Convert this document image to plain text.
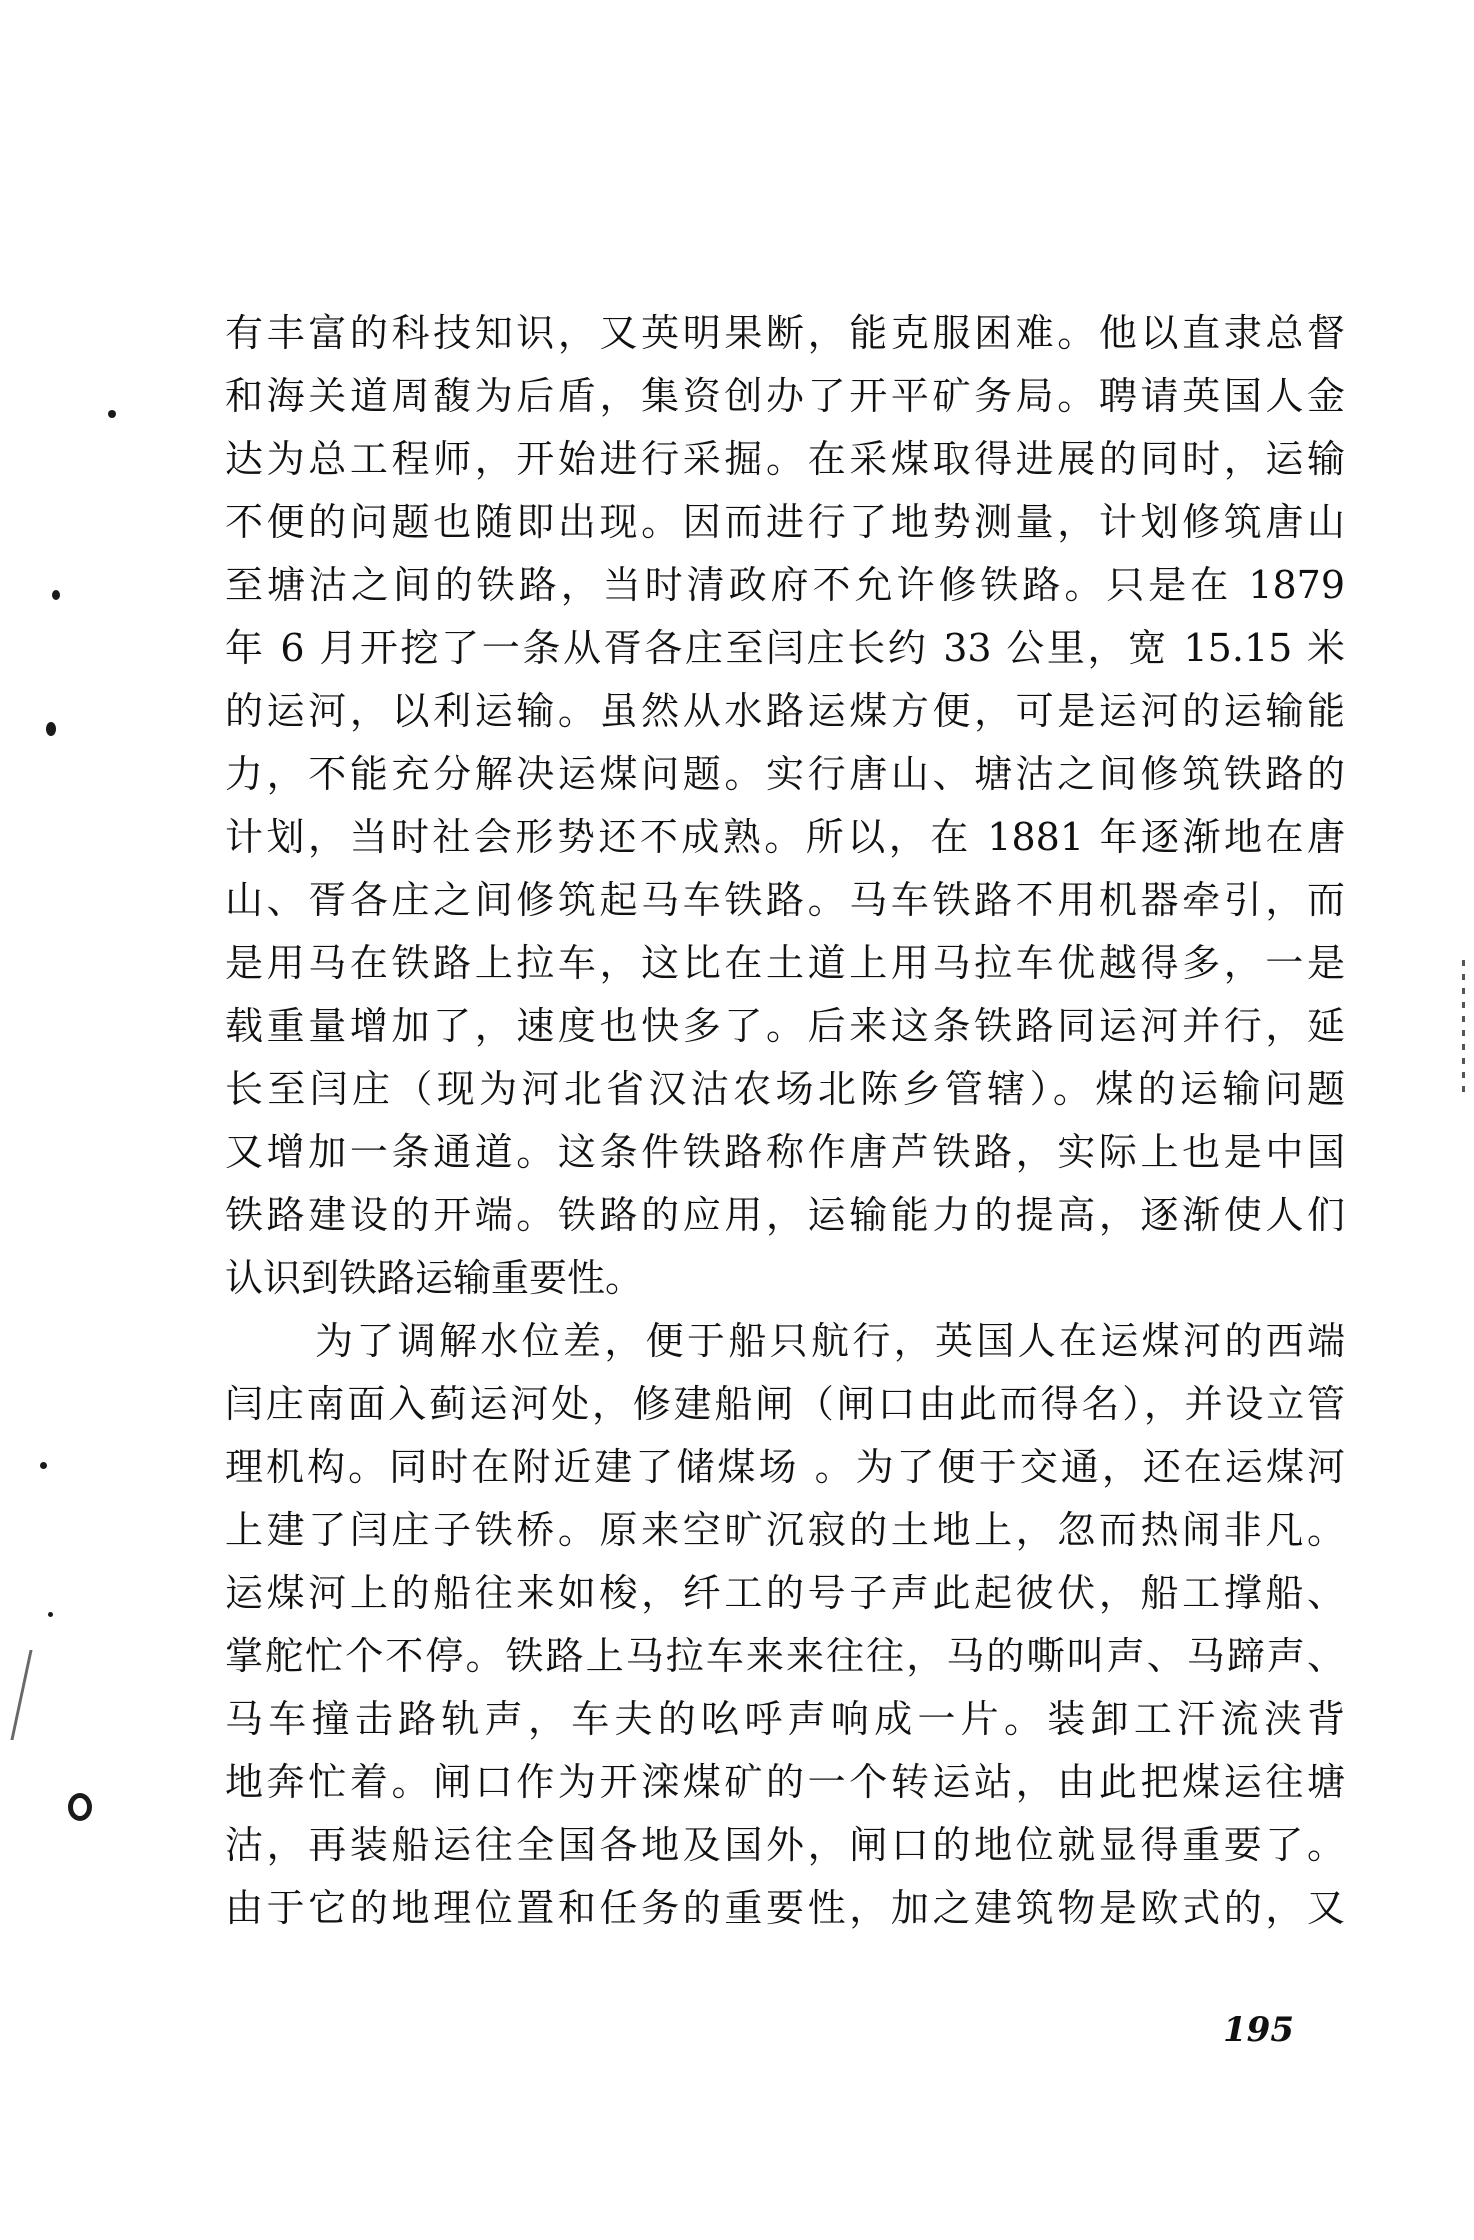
有丰富的科技知识，又英明果断，能克服困难。他以直隶总督
和海关道周馥为后盾，集资创办了开平矿务局。聘请英国人金
达为总工程师，开始进行采掘。在采煤取得进展的同时，运输
不便的问题也随即出现。因而进行了地势测量，计划修筑唐山
至塘沽之间的铁路，当时清政府不允许修铁路。只是在 1879
年 6 月开挖了一条从胥各庄至闫庄长约 33 公里，宽 15.15 米
的运河，以利运输。虽然从水路运煤方便，可是运河的运输能
力，不能充分解决运煤问题。实行唐山、塘沽之间修筑铁路的
计划，当时社会形势还不成熟。所以，在 1881 年逐渐地在唐
山、胥各庄之间修筑起马车铁路。马车铁路不用机器牵引，而
是用马在铁路上拉车，这比在土道上用马拉车优越得多，一是
载重量增加了，速度也快多了。后来这条铁路同运河并行，延
长至闫庄（现为河北省汉沽农场北陈乡管辖）。煤的运输问题
又增加一条通道。这条件铁路称作唐芦铁路，实际上也是中国
铁路建设的开端。铁路的应用，运输能力的提高，逐渐使人们
认识到铁路运输重要性。
为了调解水位差，便于船只航行，英国人在运煤河的西端
闫庄南面入蓟运河处，修建船闸（闸口由此而得名），并设立管
理机构。同时在附近建了储煤场 。为了便于交通，还在运煤河
上建了闫庄子铁桥。原来空旷沉寂的土地上，忽而热闹非凡。
运煤河上的船往来如梭，纤工的号子声此起彼伏，船工撑船、
掌舵忙个不停。铁路上马拉车来来往往，马的嘶叫声、马蹄声、
马车撞击路轨声，车夫的吆呼声响成一片。装卸工汗流浃背
地奔忙着。闸口作为开滦煤矿的一个转运站，由此把煤运往塘
沽，再装船运往全国各地及国外，闸口的地位就显得重要了。
由于它的地理位置和任务的重要性，加之建筑物是欧式的，又
195
